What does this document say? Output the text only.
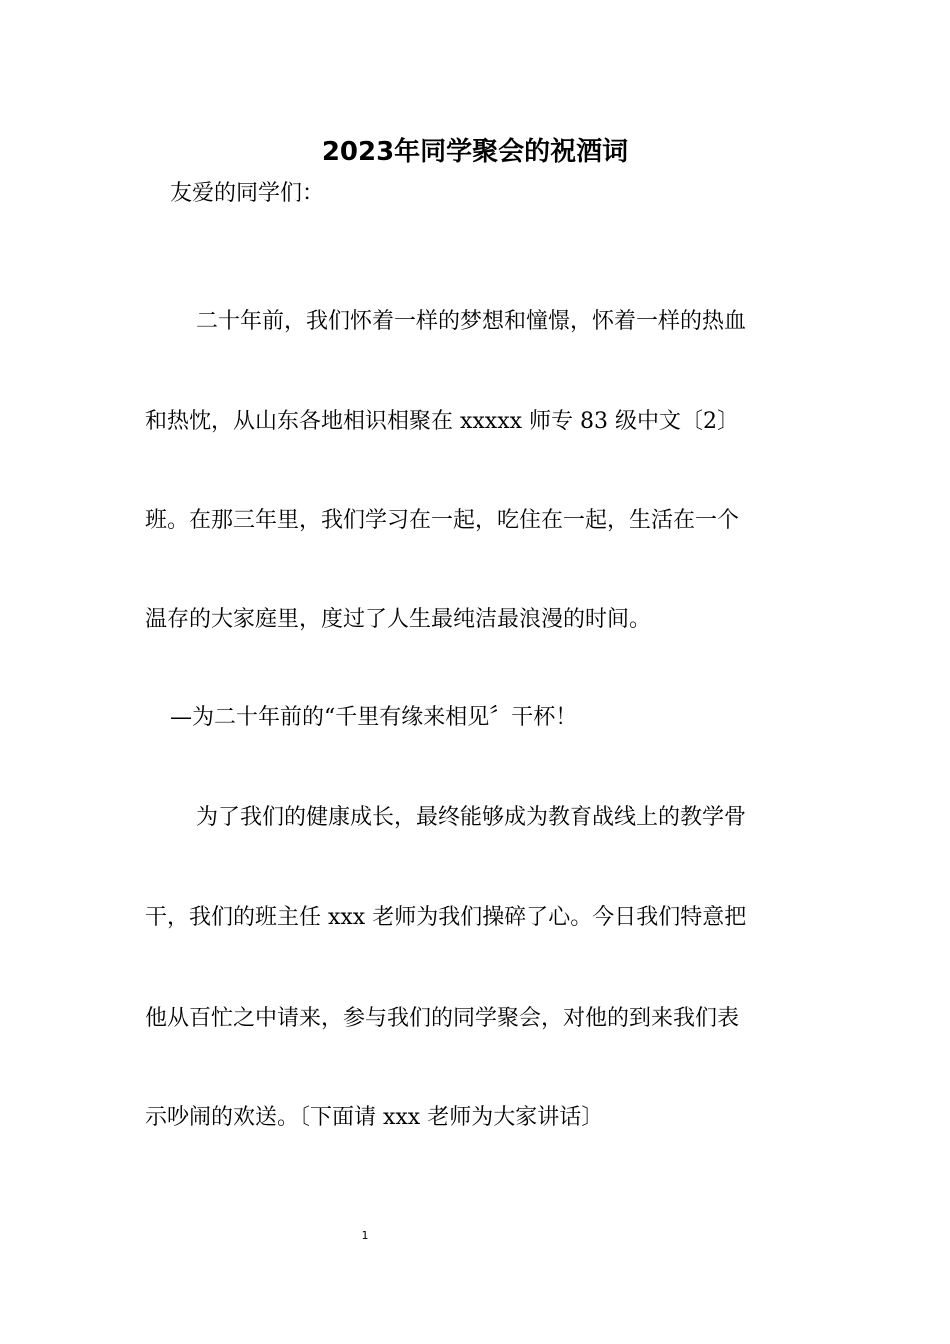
2023年同学聚会的祝酒词

友爱的同学们：

二十年前，我们怀着一样的梦想和憧憬，怀着一样的热血

和热忱，从山东各地相识相聚在 xxxxx 师专 83 级中文〔2〕

班。在那三年里，我们学习在一起，吃住在一起，生活在一个

温存的大家庭里，度过了人生最纯洁最浪漫的时间。

—为二十年前的“千里有缘来相见〞干杯！

为了我们的健康成长，最终能够成为教育战线上的教学骨

干，我们的班主任 xxx 老师为我们操碎了心。今日我们特意把

他从百忙之中请来，参与我们的同学聚会，对他的到来我们表

示吵闹的欢送。〔下面请 xxx 老师为大家讲话〕

1
